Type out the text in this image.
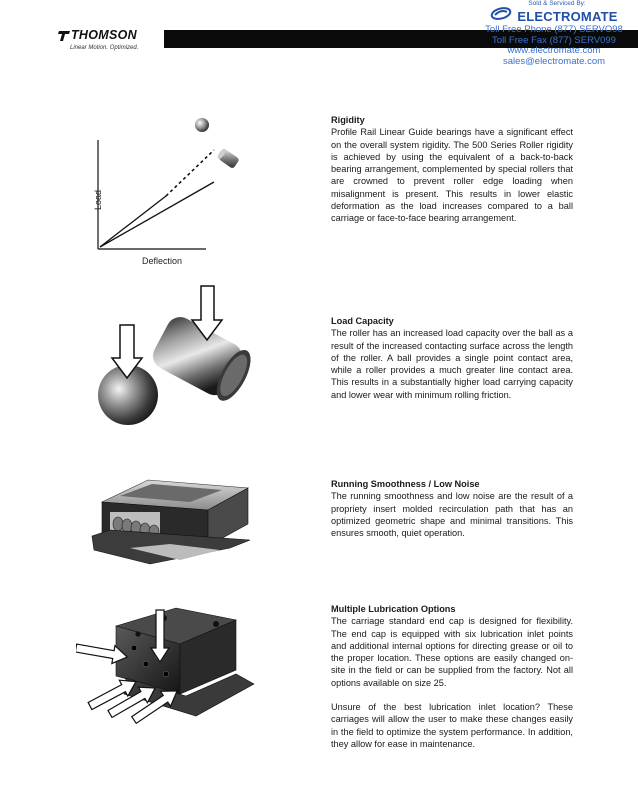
THOMSON
Linear Motion. Optimized.
Sold & Serviced By:
ELECTROMATE
Toll Free Phone (877) SERVO98
Toll Free Fax (877) SERV099
www.electromate.com
sales@electromate.com
Load
Deflection
Rigidity

Profile Rail Linear Guide bearings have a significant effect on the overall system rigidity. The 500 Series Roller rigidity is achieved by using the equivalent of a back-to-back bearing arrangement, complemented by special rollers that are crowned to prevent roller edge loading when misalignment is present. This results in lower elastic deformation as the load increases compared to a ball carriage or face-to-face bearing arrangement.

Load Capacity

The roller has an increased load capacity over the ball as a result of the increased contacting surface across the length of the roller. A ball provides a single point contact area, while a roller provides a much greater line contact area. This results in a substantially higher load carrying capacity and lower wear with minimum rolling friction.

Running Smoothness / Low Noise

The running smoothness and low noise are the result of a propriety insert molded recirculation path that has an optimized geometric shape and minimal transitions. This ensures smooth, quiet operation.

Multiple Lubrication Options

The carriage standard end cap is designed for flexibility. The end cap is equipped with six lubrication inlet points and additional internal options for directing grease or oil to the proper location. These options are easily changed on-site in the field or can be supplied from the factory. Not all options available on size 25.

Unsure of the best lubrication inlet location? These carriages will allow the user to make these changes easily in the field to optimize the system performance. In addition, they allow for ease in maintenance.
